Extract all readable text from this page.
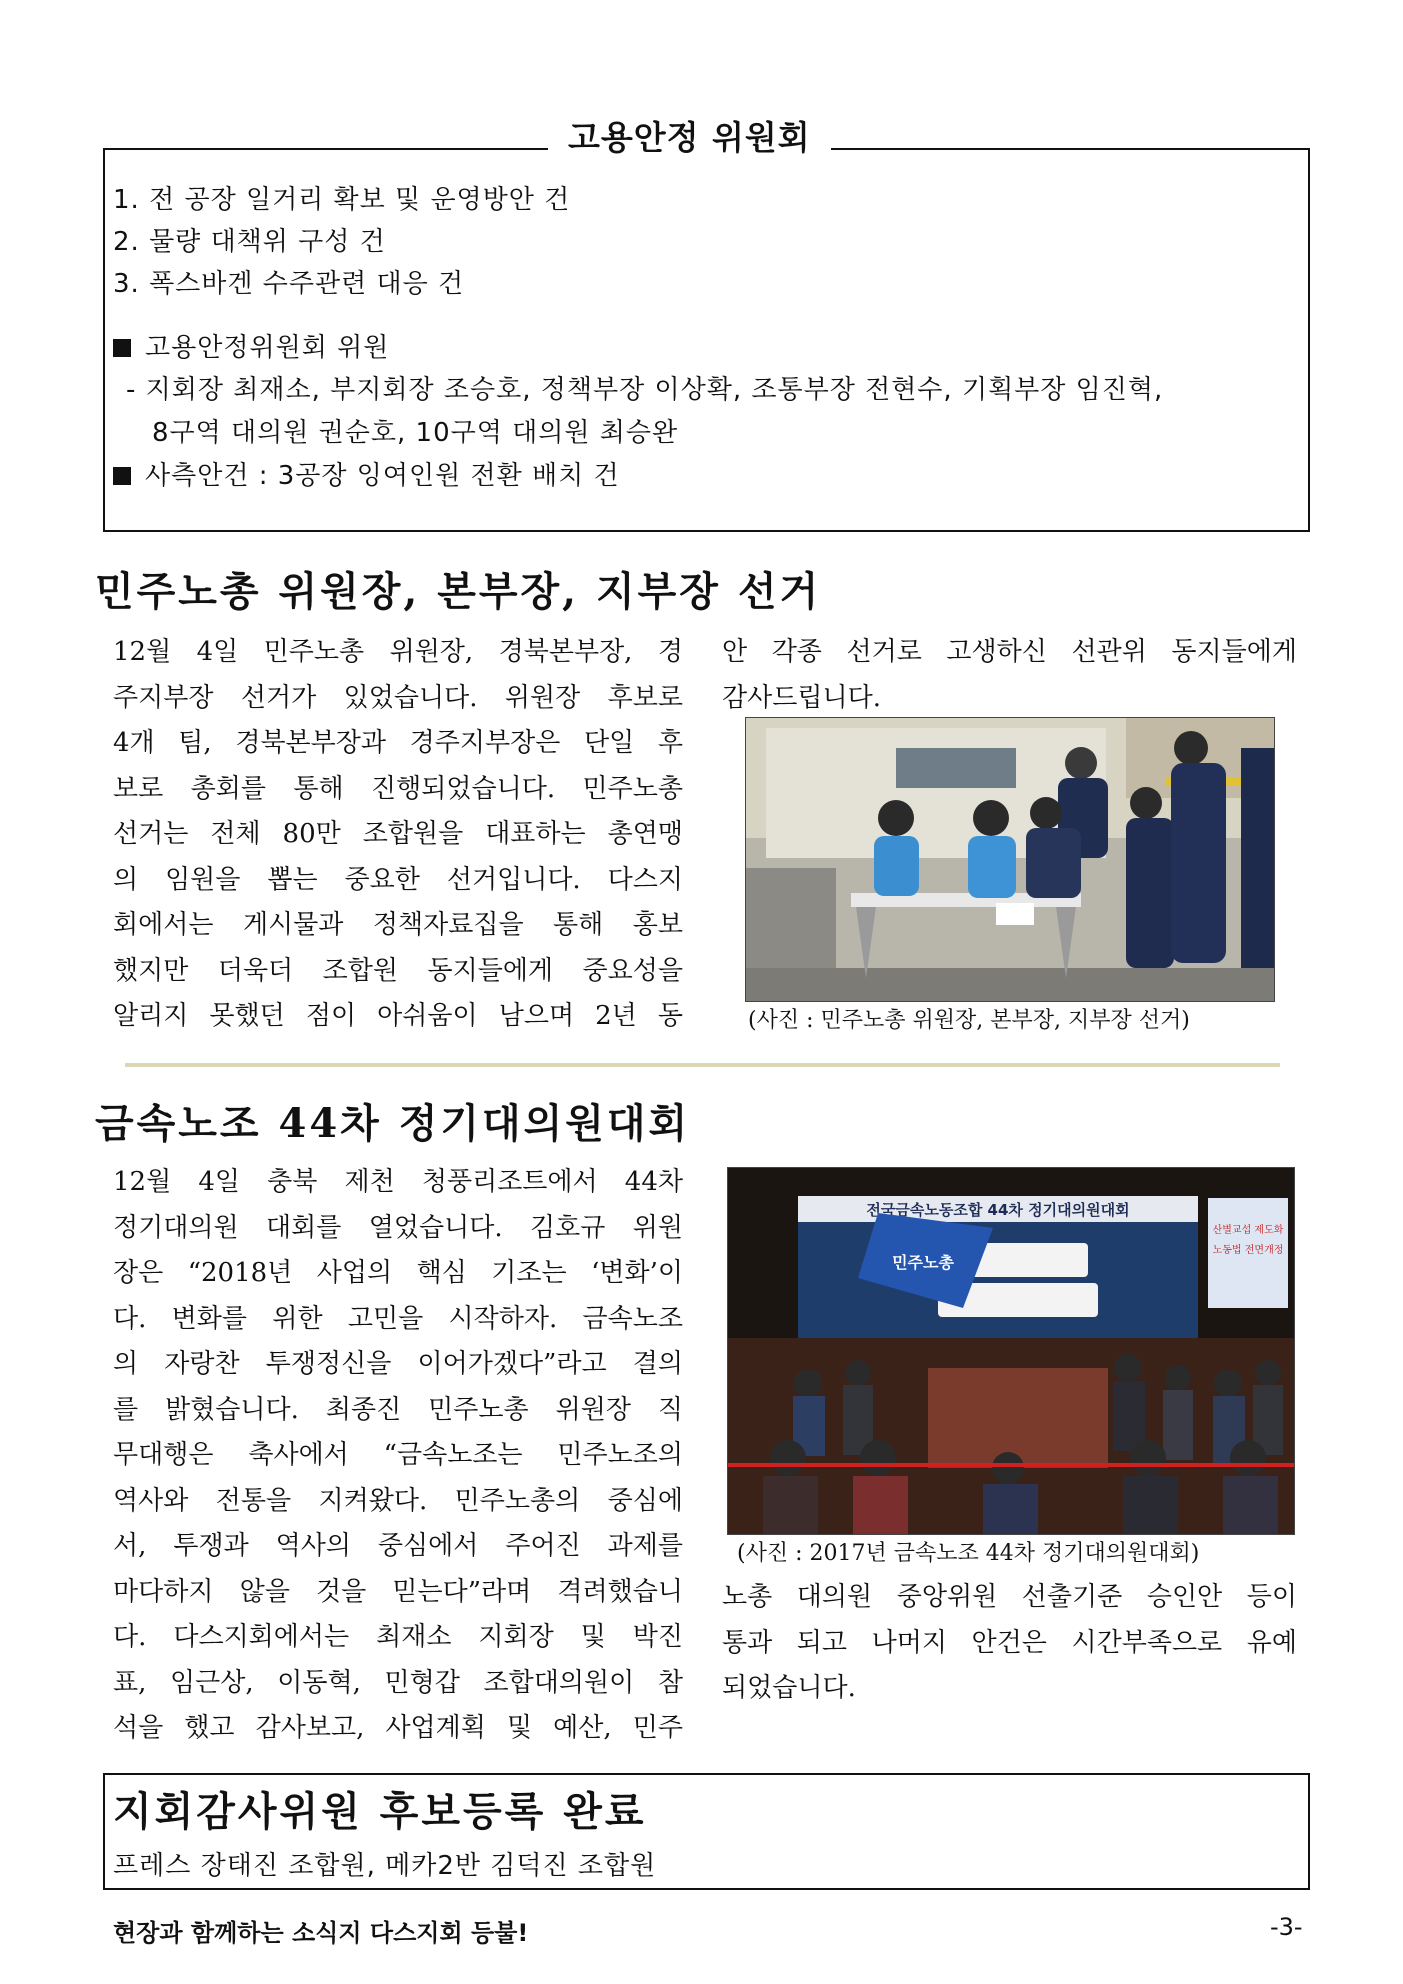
고용안정 위원회
1. 전 공장 일거리 확보 및 운영방안 건
2. 물량 대책위 구성 건
3. 폭스바겐 수주관련 대응 건
고용안정위원회 위원
- 지회장 최재소, 부지회장 조승호, 정책부장 이상확, 조통부장 전현수, 기획부장 임진혁,
8구역 대의원 권순호, 10구역 대의원 최승완
사측안건 : 3공장 잉여인원 전환 배치 건
민주노총 위원장, 본부장, 지부장 선거
12월 4일 민주노총 위원장, 경북본부장, 경
주지부장 선거가 있었습니다. 위원장 후보로
4개 팀, 경북본부장과 경주지부장은 단일 후
보로 총회를 통해 진행되었습니다. 민주노총
선거는 전체 80만 조합원을 대표하는 총연맹
의 임원을 뽑는 중요한 선거입니다. 다스지
회에서는 게시물과 정책자료집을 통해 홍보
했지만 더욱더 조합원 동지들에게 중요성을
알리지 못했던 점이 아쉬움이 남으며 2년 동
안 각종 선거로 고생하신 선관위 동지들에게
감사드립니다.
(사진 : 민주노총 위원장, 본부장, 지부장 선거)
금속노조 44차 정기대의원대회
12월 4일 충북 제천 청풍리조트에서 44차
정기대의원 대회를 열었습니다. 김호규 위원
장은 “2018년 사업의 핵심 기조는 ‘변화’이
다. 변화를 위한 고민을 시작하자. 금속노조
의 자랑찬 투쟁정신을 이어가겠다”라고 결의
를 밝혔습니다. 최종진 민주노총 위원장 직
무대행은 축사에서 “금속노조는 민주노조의
역사와 전통을 지켜왔다. 민주노총의 중심에
서, 투쟁과 역사의 중심에서 주어진 과제를
마다하지 않을 것을 믿는다”라며 격려했습니
다. 다스지회에서는 최재소 지회장 및 박진
표, 임근상, 이동혁, 민형갑 조합대의원이 참
석을 했고 감사보고, 사업계획 및 예산, 민주
전국금속노동조합 44차 정기대의원대회
산별교섭 제도화
노동법 전면개정
민주노총
(사진 : 2017년 금속노조 44차 정기대의원대회)
노총 대의원 중앙위원 선출기준 승인안 등이
통과 되고 나머지 안건은 시간부족으로 유예
되었습니다.
지회감사위원 후보등록 완료
프레스 장태진 조합원, 메카2반 김덕진 조합원
현장과 함께하는 소식지 다스지회 등불!	-3-
